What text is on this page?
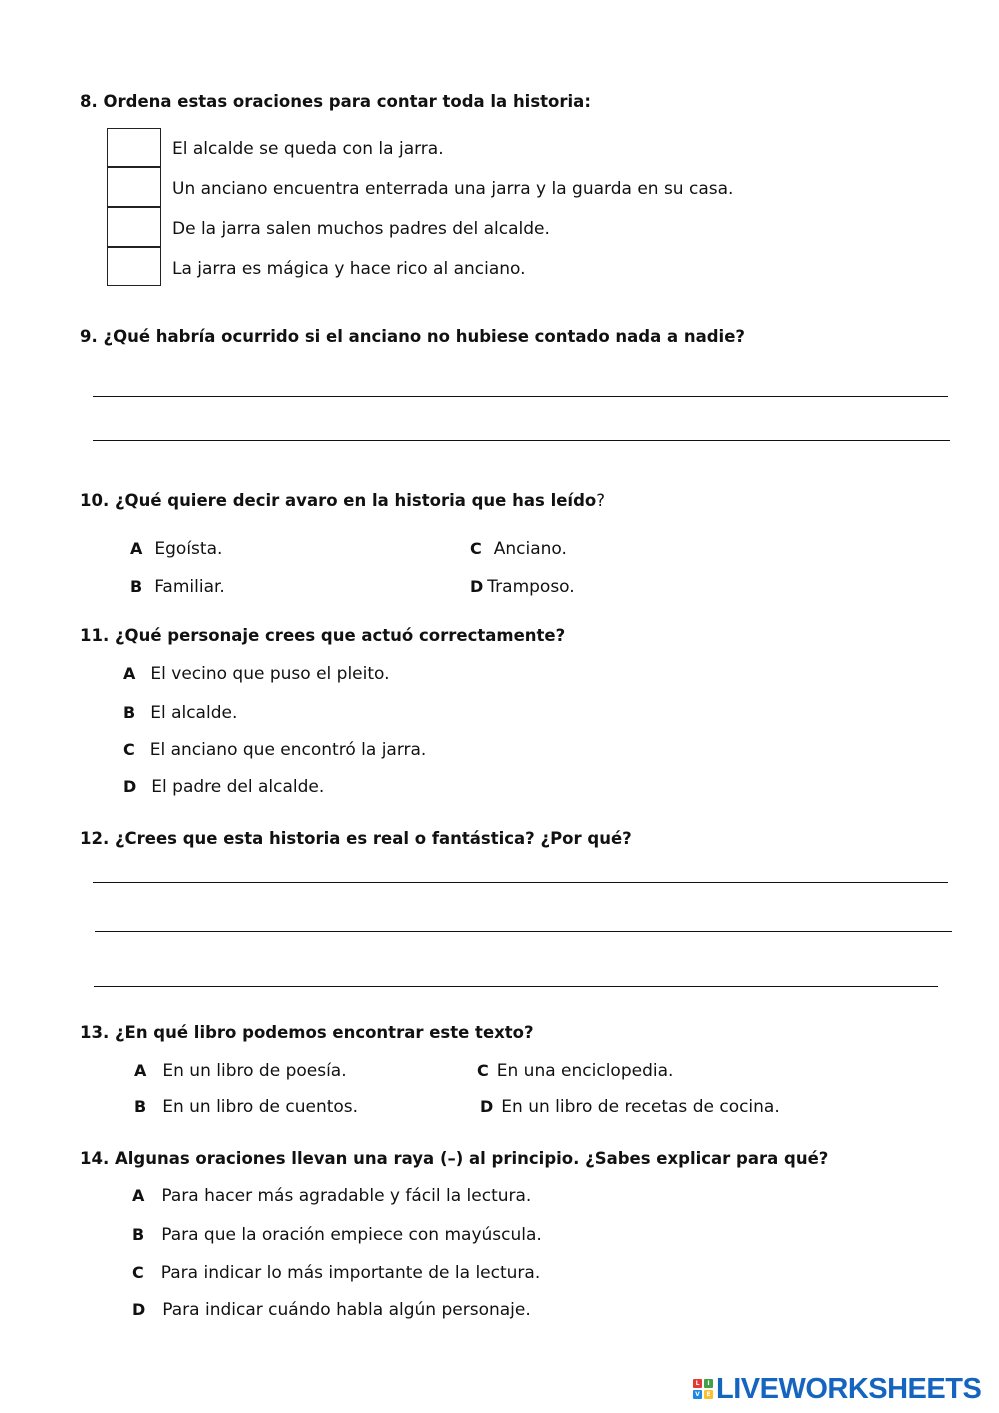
8. Ordena estas oraciones para contar toda la historia:
El alcalde se queda con la jarra.
Un anciano encuentra enterrada una jarra y la guarda en su casa.
De la jarra salen muchos padres del alcalde.
La jarra es mágica y hace rico al anciano.
9. ¿Qué habría ocurrido si el anciano no hubiese contado nada a nadie?
10. ¿Qué quiere decir avaro en la historia que has leído?
A Egoísta.
B Familiar.
C Anciano.
D Tramposo.
11. ¿Qué personaje crees que actuó correctamente?
A El vecino que puso el pleito.
B El alcalde.
C El anciano que encontró la jarra.
D El padre del alcalde.
12. ¿Crees que esta historia es real o fantástica? ¿Por qué?
13. ¿En qué libro podemos encontrar este texto?
A En un libro de poesía.
B En un libro de cuentos.
C En una enciclopedia.
D En un libro de recetas de cocina.
14. Algunas oraciones llevan una raya (–) al principio. ¿Sabes explicar para qué?
A Para hacer más agradable y fácil la lectura.
B Para que la oración empiece con mayúscula.
C Para indicar lo más importante de la lectura.
D Para indicar cuándo habla algún personaje.
L	I
V	E LIVEWORKSHEETS
